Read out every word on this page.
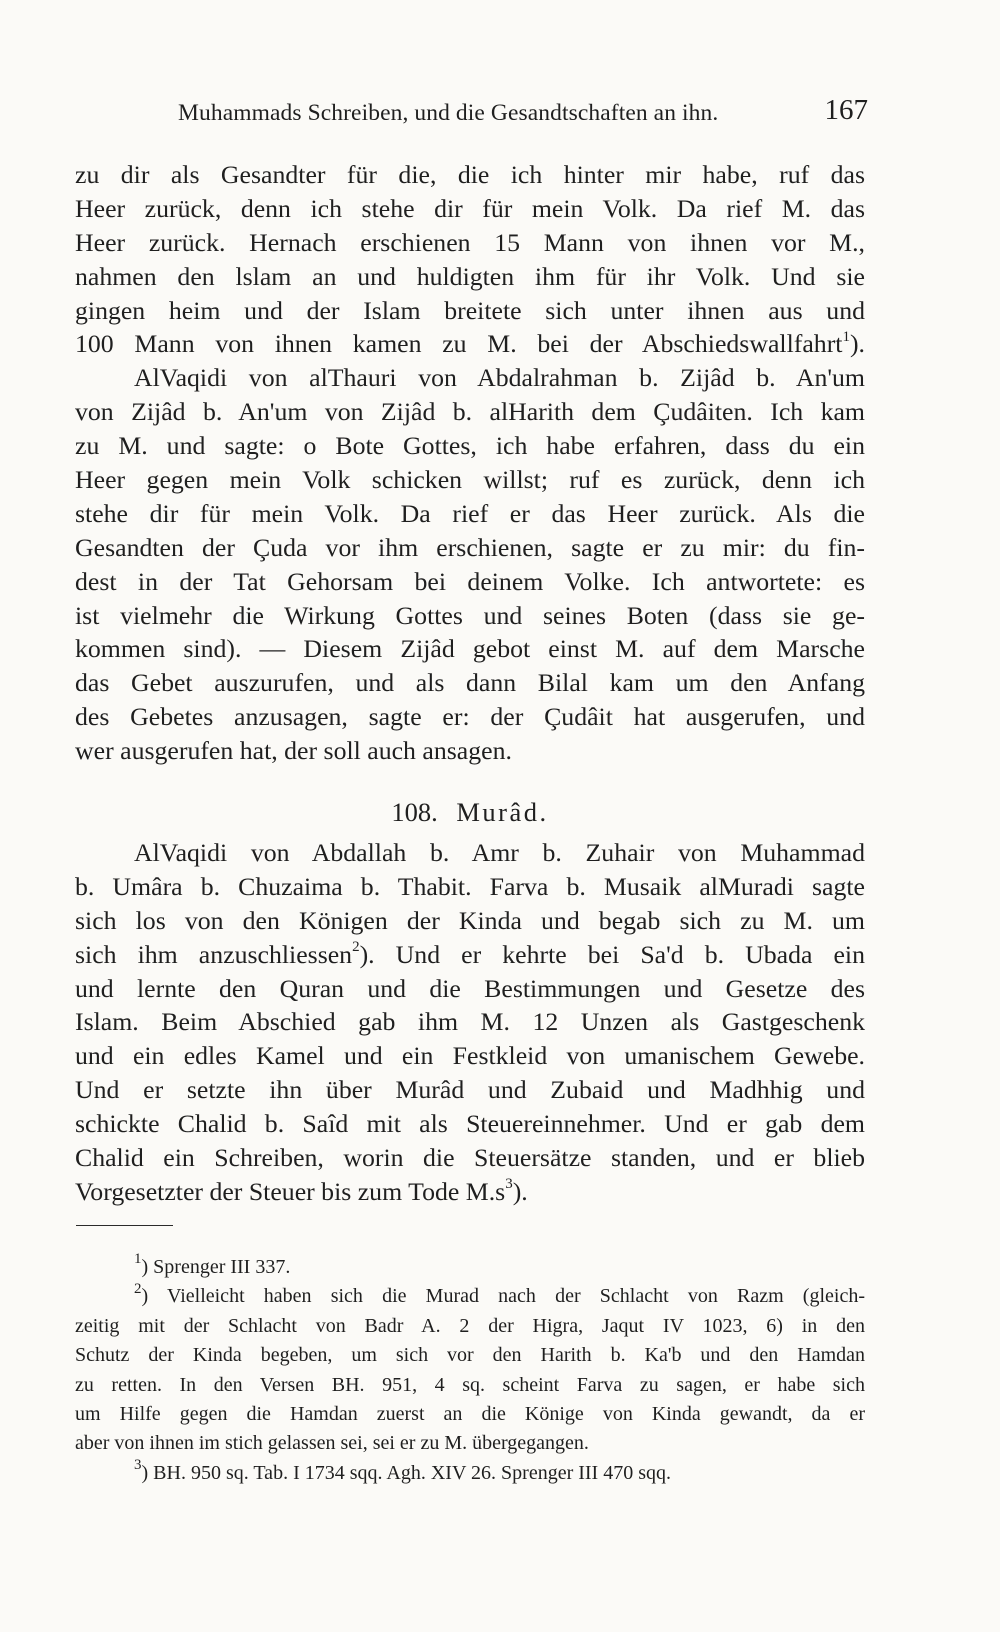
Muhammads Schreiben, und die Gesandtschaften an ihn.	167
zu dir als Gesandter für die, die ich hinter mir habe, ruf das
Heer zurück, denn ich stehe dir für mein Volk. Da rief M. das
Heer zurück. Hernach erschienen 15 Mann von ihnen vor M.,
nahmen den lslam an und huldigten ihm für ihr Volk. Und sie
gingen heim und der Islam breitete sich unter ihnen aus und
100 Mann von ihnen kamen zu M. bei der Abschiedswallfahrt$^1$).
AlVaqidi von alThauri von Abdalrahman b. Zijâd b. An'um
von Zijâd b. An'um von Zijâd b. alHarith dem Çudâiten. Ich kam
zu M. und sagte: o Bote Gottes, ich habe erfahren, dass du ein
Heer gegen mein Volk schicken willst; ruf es zurück, denn ich
stehe dir für mein Volk. Da rief er das Heer zurück. Als die
Gesandten der Çuda vor ihm erschienen, sagte er zu mir: du fin-
dest in der Tat Gehorsam bei deinem Volke. Ich antwortete: es
ist vielmehr die Wirkung Gottes und seines Boten (dass sie ge-
kommen sind). — Diesem Zijâd gebot einst M. auf dem Marsche
das Gebet auszurufen, und als dann Bilal kam um den Anfang
des Gebetes anzusagen, sagte er: der Çudâit hat ausgerufen, und
wer ausgerufen hat, der soll auch ansagen.
108. Murâd.
AlVaqidi von Abdallah b. Amr b. Zuhair von Muhammad
b. Umâra b. Chuzaima b. Thabit. Farva b. Musaik alMuradi sagte
sich los von den Königen der Kinda und begab sich zu M. um
sich ihm anzuschliessen$^2$). Und er kehrte bei Sa'd b. Ubada ein
und lernte den Quran und die Bestimmungen und Gesetze des
Islam. Beim Abschied gab ihm M. 12 Unzen als Gastgeschenk
und ein edles Kamel und ein Festkleid von umanischem Gewebe.
Und er setzte ihn über Murâd und Zubaid und Madhhig und
schickte Chalid b. Saîd mit als Steuereinnehmer. Und er gab dem
Chalid ein Schreiben, worin die Steuersätze standen, und er blieb
Vorgesetzter der Steuer bis zum Tode $M.s^3$).
$^1$) Sprenger III 337.
$^2$) Vielleicht haben sich die Murad nach der Schlacht von Razm (gleich-
zeitig mit der Schlacht von Badr A. 2 der Higra, Jaqut IV 1023, 6) in den
Schutz der Kinda begeben, um sich vor den Harith b. Ka'b und den Hamdan
zu retten. In den Versen BH. 951, 4 sq. scheint Farva zu sagen, er habe sich
um Hilfe gegen die Hamdan zuerst an die Könige von Kinda gewandt, da er
aber von ihnen im stich gelassen sei, sei er zu M. übergegangen.
$^3$) BH. 950 sq. Tab. I 1734 sqq. Agh. XIV 26. Sprenger III 470 sqq.
